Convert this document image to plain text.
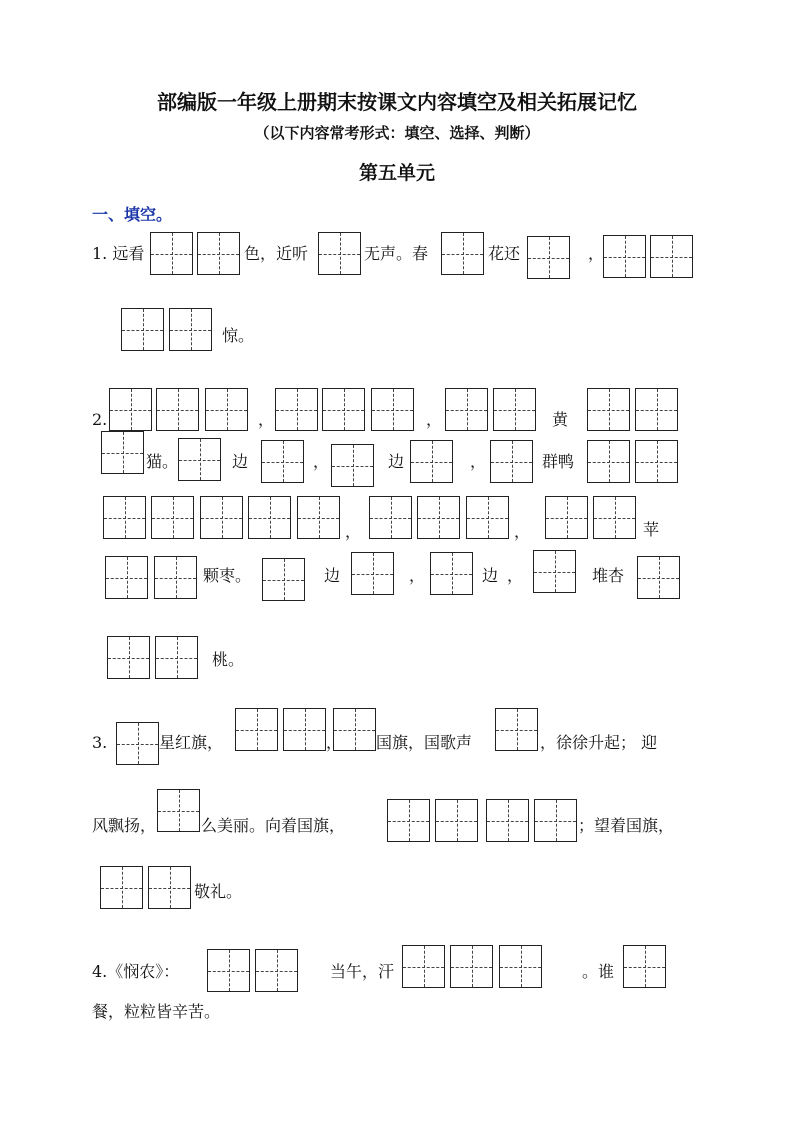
部编版一年级上册期末按课文内容填空及相关拓展记忆
（以下内容常考形式：填空、选择、判断）
第五单元
一、填空。
1. 远看	色，近听	无声。春	花还	，
惊。
2.	，	，	黄
猫。	边	，	边	，	群鸭
，	，	苹
颗枣。	边	，	边 ，	堆杏
桃。
3.	星红旗，	， 国旗，国歌声	，徐徐升起； 迎
风飘扬，	么美丽。向着国旗，	；望着国旗，
敬礼。
4.《悯农》：	当午，汗	。谁
餐，粒粒皆辛苦。
